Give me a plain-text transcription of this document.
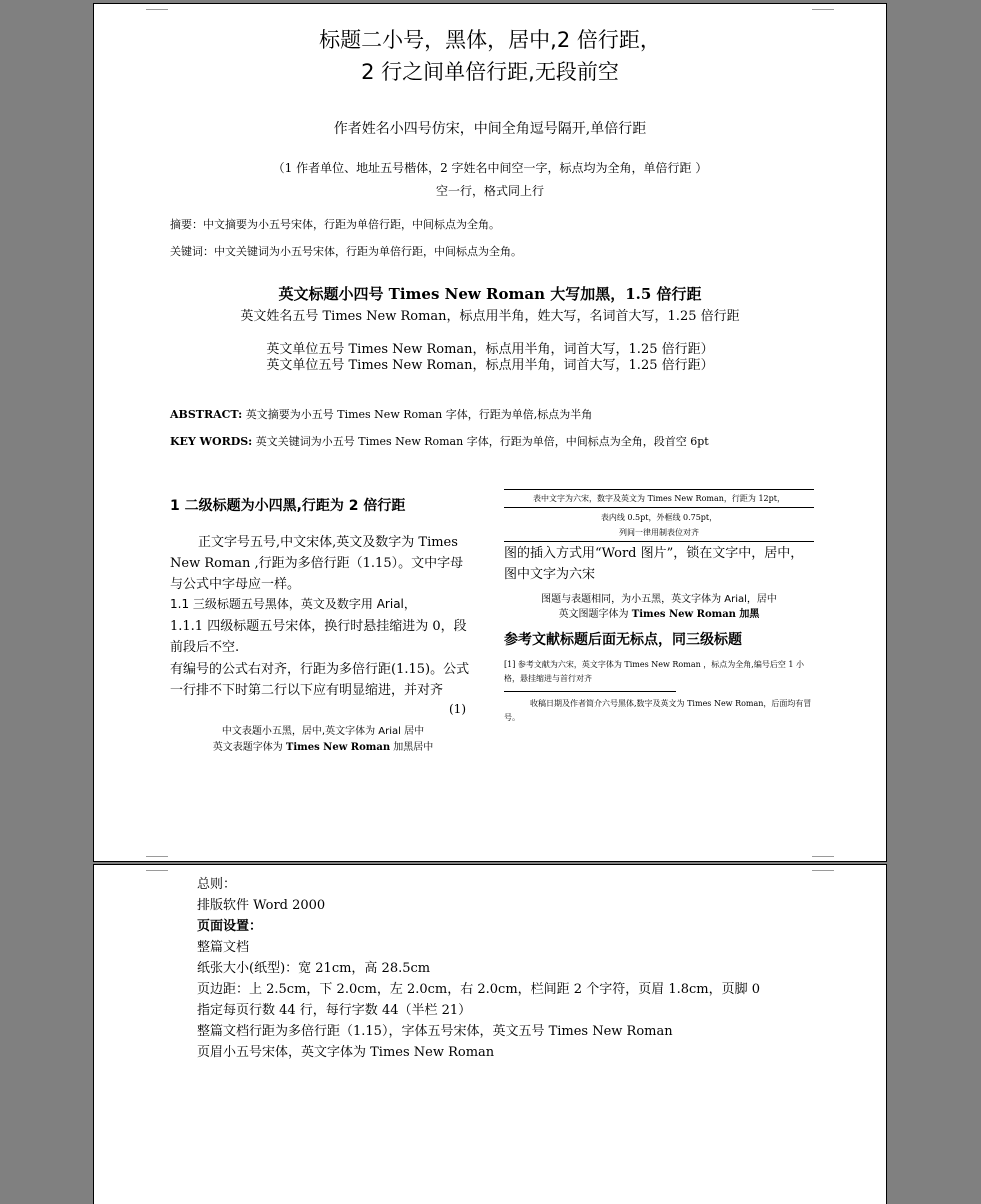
标题二小号，黑体，居中,2 倍行距，
2 行之间单倍行距,无段前空
作者姓名小四号仿宋，中间全角逗号隔开,单倍行距
（1 作者单位、地址五号楷体，2 字姓名中间空一字，标点均为全角，单倍行距 ）
空一行，格式同上行
摘要：中文摘要为小五号宋体，行距为单倍行距，中间标点为全角。
关键词：中文关键词为小五号宋体，行距为单倍行距，中间标点为全角。
英文标题小四号 Times New Roman 大写加黑，1.5 倍行距
英文姓名五号 Times New Roman，标点用半角，姓大写，名词首大写，1.25 倍行距
英文单位五号 Times New Roman，标点用半角，词首大写，1.25 倍行距）
英文单位五号 Times New Roman，标点用半角，词首大写，1.25 倍行距）
ABSTRACT: 英文摘要为小五号 Times New Roman 字体，行距为单倍,标点为半角
KEY WORDS: 英文关键词为小五号 Times New Roman 字体，行距为单倍，中间标点为全角，段首空 6pt
1 二级标题为小四黑,行距为 2 倍行距
正文字号五号,中文宋体,英文及数字为 Times New Roman ,行距为多倍行距（1.15）。文中字母与公式中字母应一样。
1.1 三级标题五号黑体，英文及数字用 Arial，
1.1.1 四级标题五号宋体，换行时悬挂缩进为 0，段前段后不空.
有编号的公式右对齐，行距为多倍行距(1.15)。公式一行排不下时第二行以下应有明显缩进，并对齐
(1)
中文表题小五黑，居中,英文字体为 Arial 居中
英文表题字体为 Times New Roman 加黑居中
表中文字为六宋，数字及英文为 Times New Roman，行距为 12pt，
表内线 0.5pt，外框线 0.75pt，
列间一律用制表位对齐
图的插入方式用“Word 图片”，锁在文字中，居中，图中文字为六宋
图题与表题相同，为小五黑，英文字体为 Arial，居中
英文图题字体为 Times New Roman 加黑
参考文献标题后面无标点，同三级标题
[1] 参考文献为六宋，英文字体为 Times New Roman ，标点为全角,编号后空 1 小格，悬挂缩进与首行对齐
收稿日期及作者简介六号黑体,数字及英文为 Times New Roman，后面均有冒号。
总则：
排版软件 Word 2000
页面设置：
整篇文档
纸张大小(纸型)：宽 21cm，高 28.5cm
页边距：上 2.5cm，下 2.0cm，左 2.0cm，右 2.0cm，栏间距 2 个字符，页眉 1.8cm，页脚 0
指定每页行数 44 行，每行字数 44（半栏 21）
整篇文档行距为多倍行距（1.15），字体五号宋体，英文五号 Times New Roman
页眉小五号宋体，英文字体为 Times New Roman
